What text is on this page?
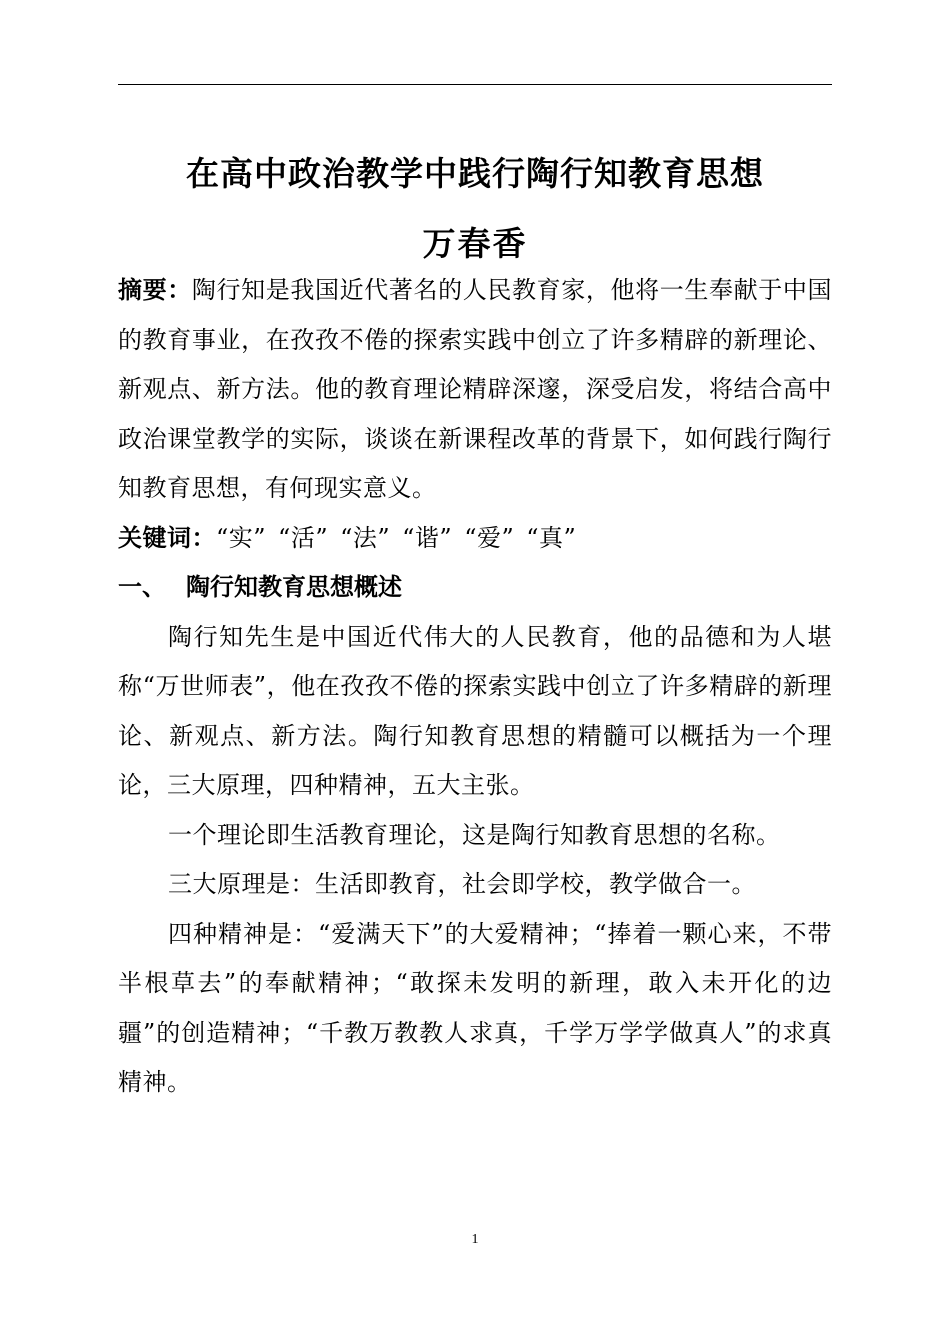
在高中政治教学中践行陶行知教育思想
万春香

摘要：陶行知是我国近代著名的人民教育家，他将一生奉献于中国的教育事业，在孜孜不倦的探索实践中创立了许多精辟的新理论、新观点、新方法。他的教育理论精辟深邃，深受启发，将结合高中政治课堂教学的实际，谈谈在新课程改革的背景下，如何践行陶行知教育思想，有何现实意义。

关键词：“实” “活” “法” “谐” “爱” “真”

一、 陶行知教育思想概述

陶行知先生是中国近代伟大的人民教育，他的品德和为人堪称“万世师表”，他在孜孜不倦的探索实践中创立了许多精辟的新理论、新观点、新方法。陶行知教育思想的精髓可以概括为一个理论，三大原理，四种精神，五大主张。

一个理论即生活教育理论，这是陶行知教育思想的名称。

三大原理是：生活即教育，社会即学校，教学做合一。

四种精神是：“爱满天下”的大爱精神；“捧着一颗心来，不带半根草去”的奉献精神；“敢探未发明的新理，敢入未开化的边疆”的创造精神；“千教万教教人求真，千学万学学做真人”的求真精神。

1
